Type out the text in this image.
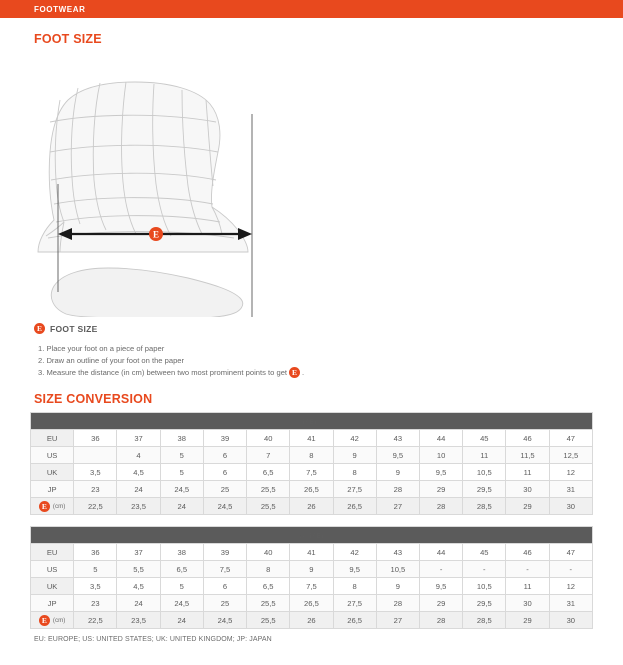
FOOTWEAR
FOOT SIZE
E
E FOOT SIZE
1. Place your foot on a piece of paper
2. Draw an outline of your foot on the paper
3. Measure the distance (in cm) between two most prominent points to get E .
SIZE CONVERSION
MEN												
EU	36	37	38	39	40	41	42	43	44	45	46	47
US		4	5	6	7	8	9	9,5	10	11	11,5	12,5
UK	3,5	4,5	5	6	6,5	7,5	8	9	9,5	10,5	11	12
JP	23	24	24,5	25	25,5	26,5	27,5	28	29	29,5	30	31

E (cm)	22,5	23,5	24	24,5	25,5	26	26,5	27	28	28,5	29	30
WOMEN												
EU	36	37	38	39	40	41	42	43	44	45	46	47
US	5	5,5	6,5	7,5	8	9	9,5	10,5	-	-	-	-
UK	3,5	4,5	5	6	6,5	7,5	8	9	9,5	10,5	11	12
JP	23	24	24,5	25	25,5	26,5	27,5	28	29	29,5	30	31

E (cm)	22,5	23,5	24	24,5	25,5	26	26,5	27	28	28,5	29	30
EU: EUROPE; US: UNITED STATES; UK: UNITED KINGDOM; JP: JAPAN
